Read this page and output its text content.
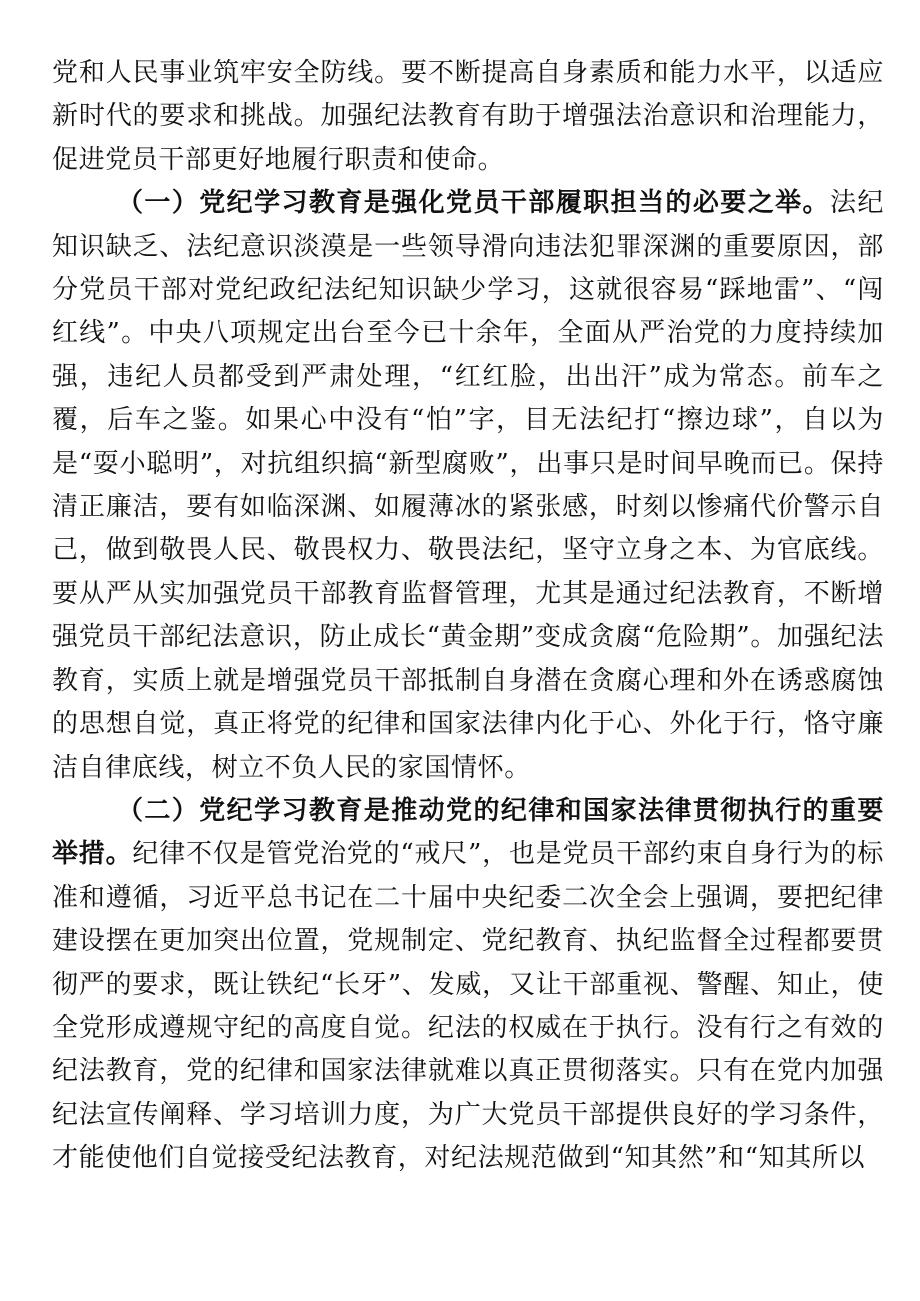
党和人民事业筑牢安全防线。要不断提高自身素质和能力水平，以适应新时代的要求和挑战。加强纪法教育有助于增强法治意识和治理能力，促进党员干部更好地履行职责和使命。

（一）党纪学习教育是强化党员干部履职担当的必要之举。法纪知识缺乏、法纪意识淡漠是一些领导滑向违法犯罪深渊的重要原因，部分党员干部对党纪政纪法纪知识缺少学习，这就很容易“踩地雷”、“闯红线”。中央八项规定出台至今已十余年，全面从严治党的力度持续加强，违纪人员都受到严肃处理，“红红脸，出出汗”成为常态。前车之覆，后车之鉴。如果心中没有“怕”字，目无法纪打“擦边球”，自以为是“耍小聪明”，对抗组织搞“新型腐败”，出事只是时间早晚而已。保持清正廉洁，要有如临深渊、如履薄冰的紧张感，时刻以惨痛代价警示自己，做到敬畏人民、敬畏权力、敬畏法纪，坚守立身之本、为官底线。要从严从实加强党员干部教育监督管理，尤其是通过纪法教育，不断增强党员干部纪法意识，防止成长“黄金期”变成贪腐“危险期”。加强纪法教育，实质上就是增强党员干部抵制自身潜在贪腐心理和外在诱惑腐蚀的思想自觉，真正将党的纪律和国家法律内化于心、外化于行，恪守廉洁自律底线，树立不负人民的家国情怀。

（二）党纪学习教育是推动党的纪律和国家法律贯彻执行的重要举措。纪律不仅是管党治党的“戒尺”，也是党员干部约束自身行为的标准和遵循，习近平总书记在二十届中央纪委二次全会上强调，要把纪律建设摆在更加突出位置，党规制定、党纪教育、执纪监督全过程都要贯彻严的要求，既让铁纪“长牙”、发威，又让干部重视、警醒、知止，使全党形成遵规守纪的高度自觉。纪法的权威在于执行。没有行之有效的纪法教育，党的纪律和国家法律就难以真正贯彻落实。只有在党内加强纪法宣传阐释、学习培训力度，为广大党员干部提供良好的学习条件，才能使他们自觉接受纪法教育，对纪法规范做到“知其然”和“知其所以
